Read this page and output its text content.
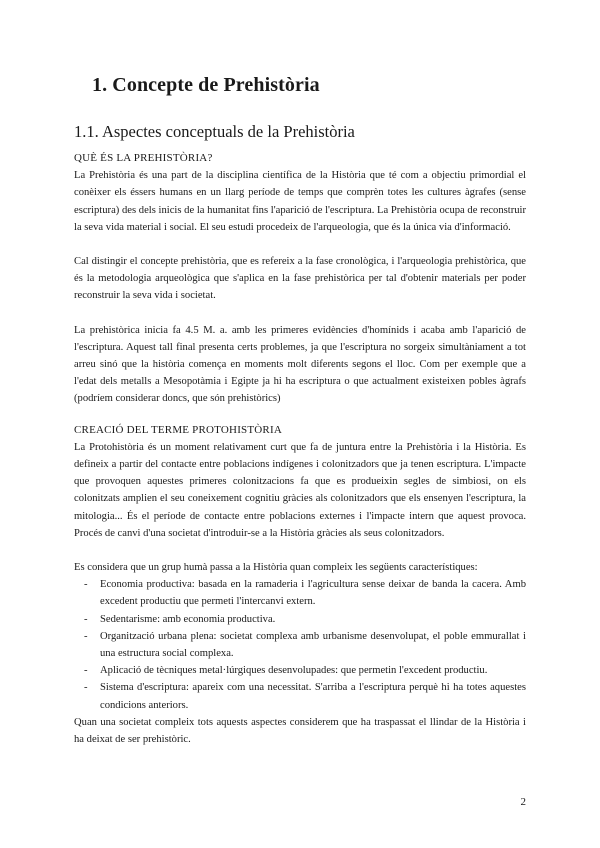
1. Concepte de Prehistòria
1.1. Aspectes conceptuals de la Prehistòria
QUÈ ÉS LA PREHISTÒRIA?

La Prehistòria és una part de la disciplina científica de la Història que té com a objectiu primordial el conèixer els éssers humans en un llarg període de temps que comprèn totes les cultures àgrafes (sense escriptura) des dels inicis de la humanitat fins l'aparició de l'escriptura. La Prehistòria ocupa de reconstruir la seva vida material i social. El seu estudi procedeix de l'arqueologia, que és la única via d'informació.

Cal distingir el concepte prehistòria, que es refereix a la fase cronològica, i l'arqueologia prehistòrica, que és la metodologia arqueològica que s'aplica en la fase prehistòrica per tal d'obtenir materials per poder reconstruir la seva vida i societat.

La prehistòrica inicia fa 4.5 M. a. amb les primeres evidències d'homínids i acaba amb l'aparició de l'escriptura. Aquest tall final presenta certs problemes, ja que l'escriptura no sorgeix simultàniament a tot arreu sinó que la història comença en moments molt diferents segons el lloc. Com per exemple que a l'edat dels metalls a Mesopotàmia i Egipte ja hi ha escriptura o que actualment existeixen pobles àgrafs (podríem considerar doncs, que són prehistòrics)

CREACIÓ DEL TERME PROTOHISTÒRIA

La Protohistòria és un moment relativament curt que fa de juntura entre la Prehistòria i la Història. Es defineix a partir del contacte entre poblacions indígenes i colonitzadors que ja tenen escriptura. L'impacte que provoquen aquestes primeres colonitzacions fa que es produeixin segles de simbiosi, on els colonitzats amplien el seu coneixement cognitiu gràcies als colonitzadors que els ensenyen l'escriptura, la mitologia... És el període de contacte entre poblacions externes i l'impacte intern que aquest provoca. Procés de canvi d'una societat d'introduir-se a la Història gràcies als seus colonitzadors.

Es considera que un grup humà passa a la Història quan compleix les següents característiques:

- Economia productiva: basada en la ramaderia i l'agricultura sense deixar de banda la cacera. Amb excedent productiu que permeti l'intercanvi extern.
- Sedentarisme: amb economia productiva.
- Organització urbana plena: societat complexa amb urbanisme desenvolupat, el poble emmurallat i una estructura social complexa.
- Aplicació de tècniques metal·lúrgiques desenvolupades: que permetin l'excedent productiu.
- Sistema d'escriptura: apareix com una necessitat. S'arriba a l'escriptura perquè hi ha totes aquestes condicions anteriors.

Quan una societat compleix tots aquests aspectes considerem que ha traspassat el llindar de la Història i ha deixat de ser prehistòric.

2
